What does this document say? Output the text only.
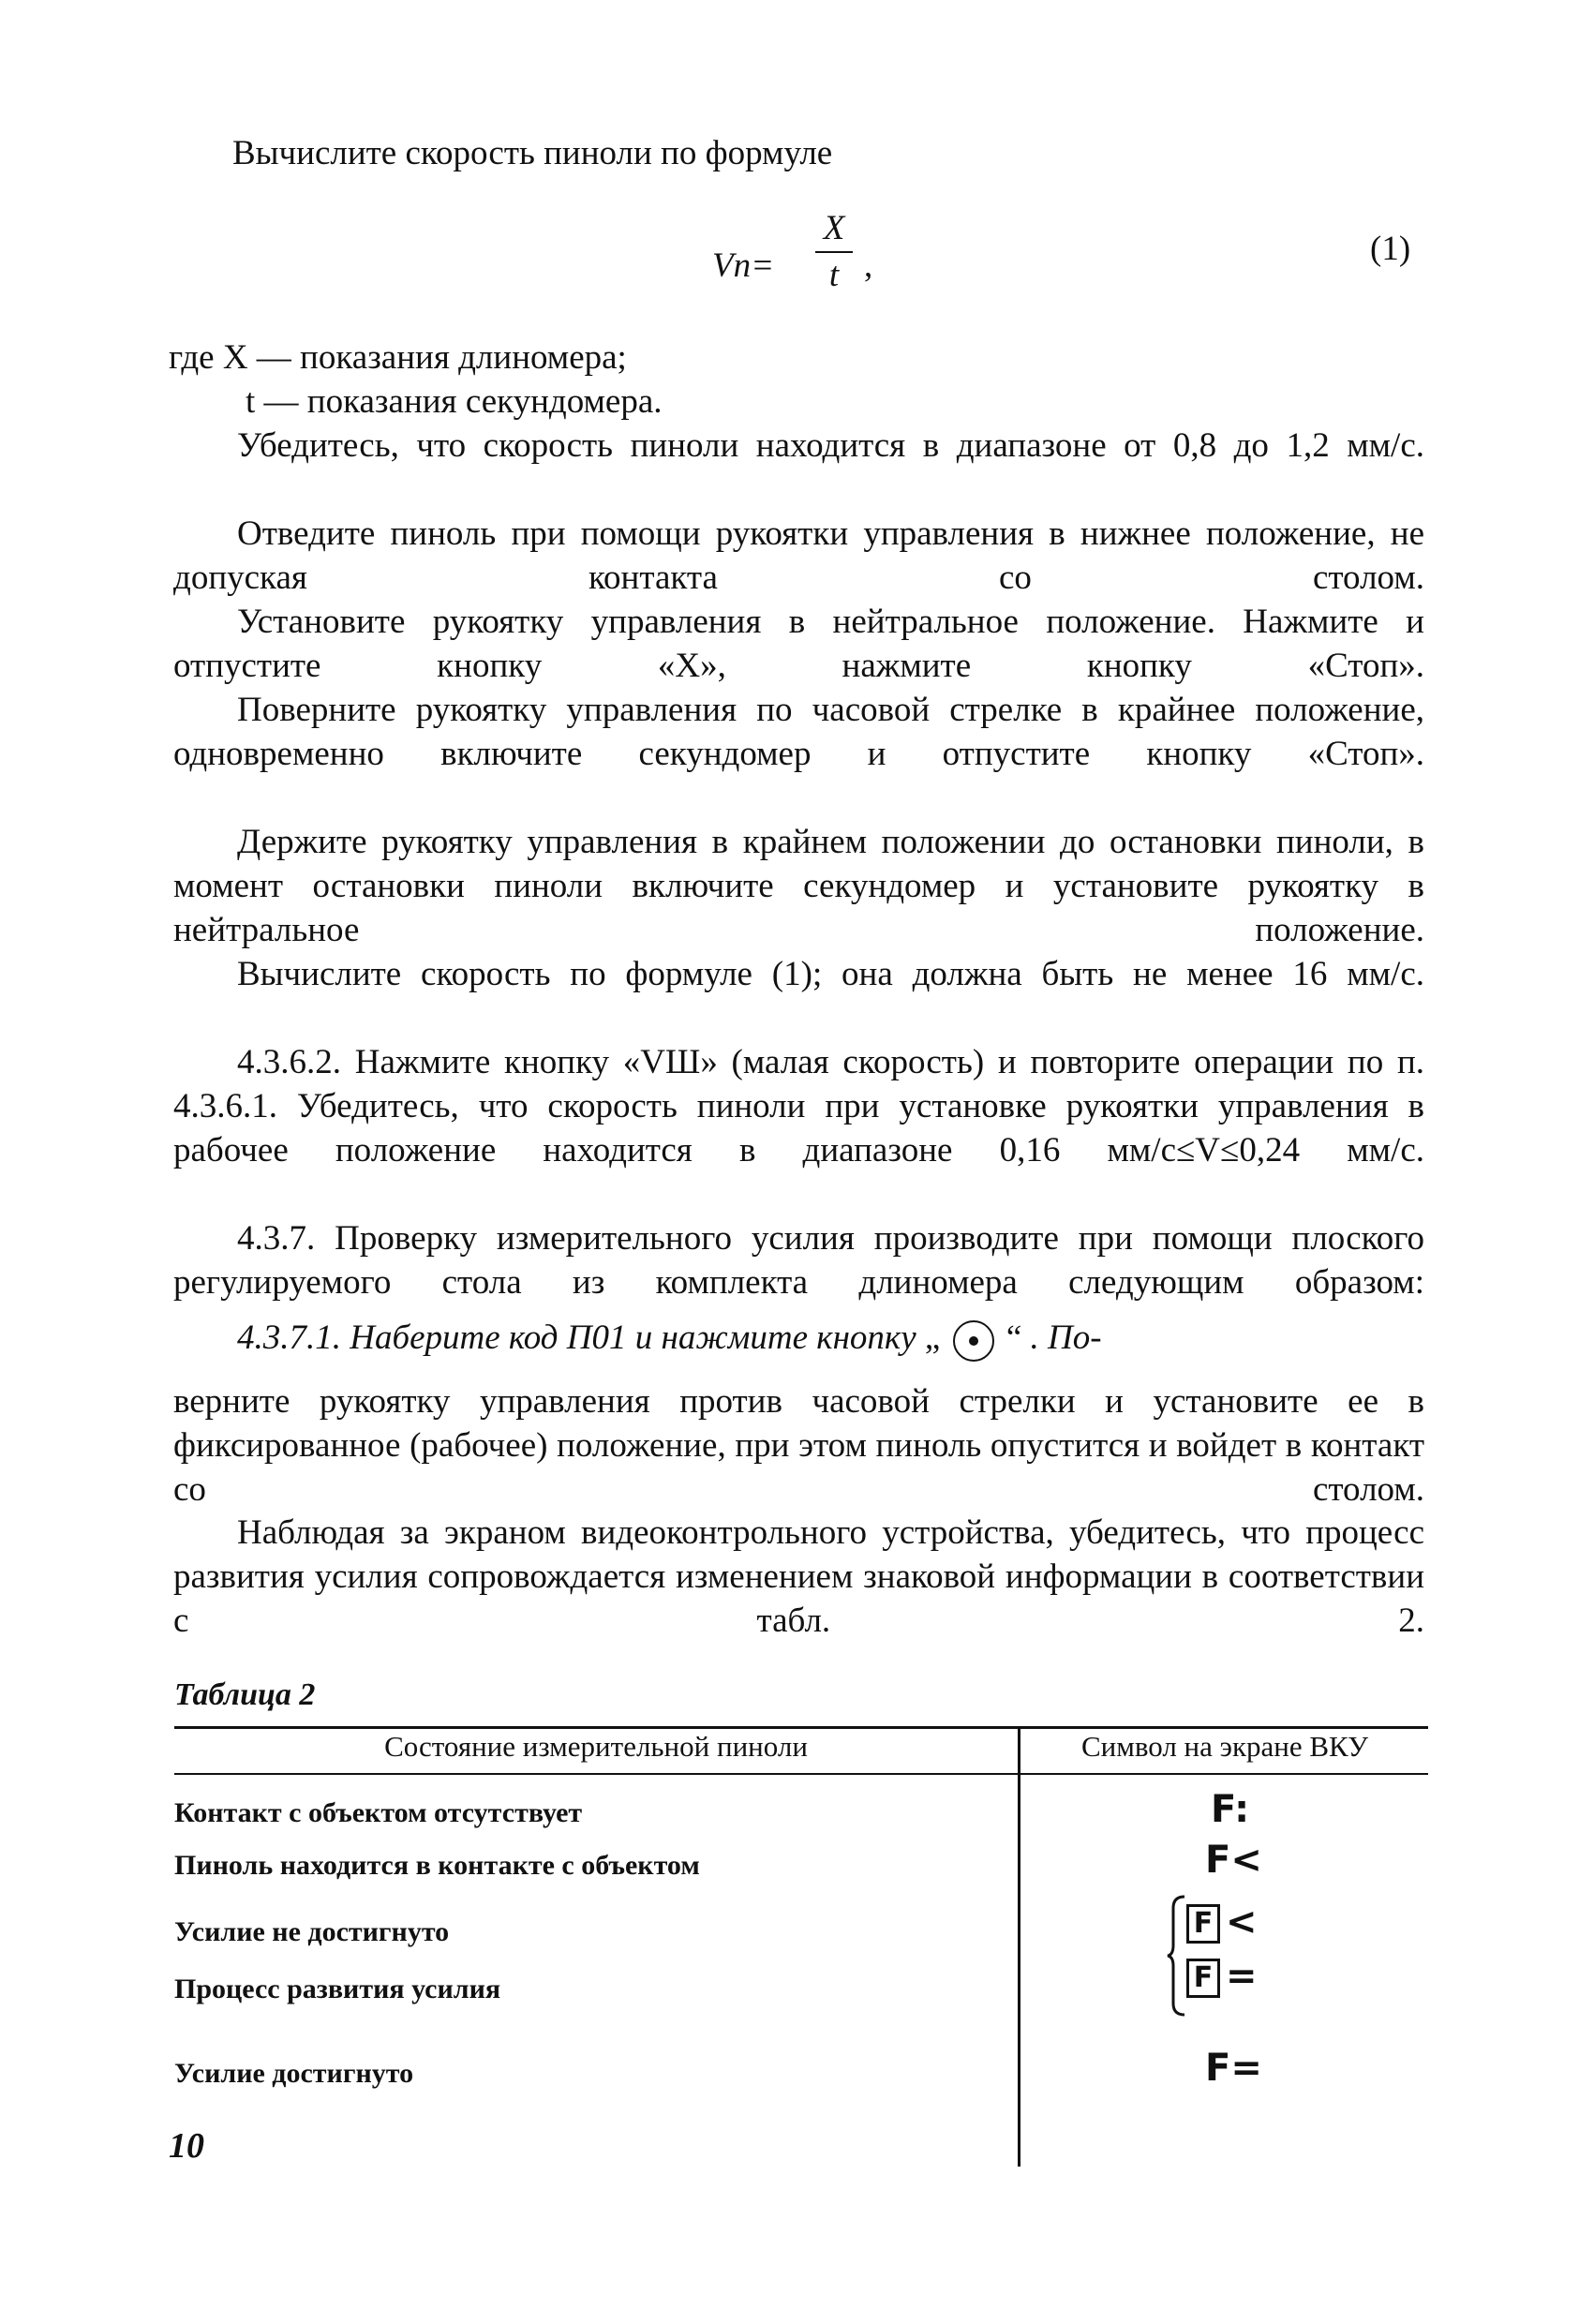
Вычислите скорость пиноли по формуле
Vп=
X
t ,	(1)
где X — показания длиномера;
t — показания секундомера.
Убедитесь, что скорость пиноли находится в диапазоне от 0,8 до 1,2 мм/с.
Отведите пиноль при помощи рукоятки управления в нижнее положение, не допуская контакта со столом.
Установите рукоятку управления в нейтральное положение. Нажмите и отпустите кнопку «X», нажмите кнопку «Стоп».
Поверните рукоятку управления по часовой стрелке в крайнее положение, одновременно включите секундомер и отпустите кнопку «Стоп».
Держите рукоятку управления в крайнем положении до остановки пиноли, в момент остановки пиноли включите секундомер и установите рукоятку в нейтральное положение.
Вычислите скорость по формуле (1); она должна быть не менее 16 мм/с.
4.3.6.2. Нажмите кнопку «VШ» (малая скорость) и повторите операции по п. 4.3.6.1. Убедитесь, что скорость пиноли при установке рукоятки управления в рабочее положение находится в диапазоне 0,16 мм/с≤V≤0,24 мм/с.
4.3.7. Проверку измерительного усилия производите при помощи плоского регулируемого стола из комплекта длиномера следующим образом:
4.3.7.1. Наберите код П01 и нажмите кнопку „ “ . По-
верните рукоятку управления против часовой стрелки и установите ее в фиксированное (рабочее) положение, при этом пиноль опустится и войдет в контакт со столом.
Наблюдая за экраном видеоконтрольного устройства, убедитесь, что процесс развития усилия сопровождается изменением знаковой информации в соответствии с табл. 2.
Таблица 2
Состояние измерительной пиноли	Символ на экране ВКУ
Контакт с объектом отсутствует	F:
Пиноль находится в контакте с объектом	F<
Усилие не достигнуто	F <
Процесс развития усилия	F =
Усилие достигнуто	F=
10
